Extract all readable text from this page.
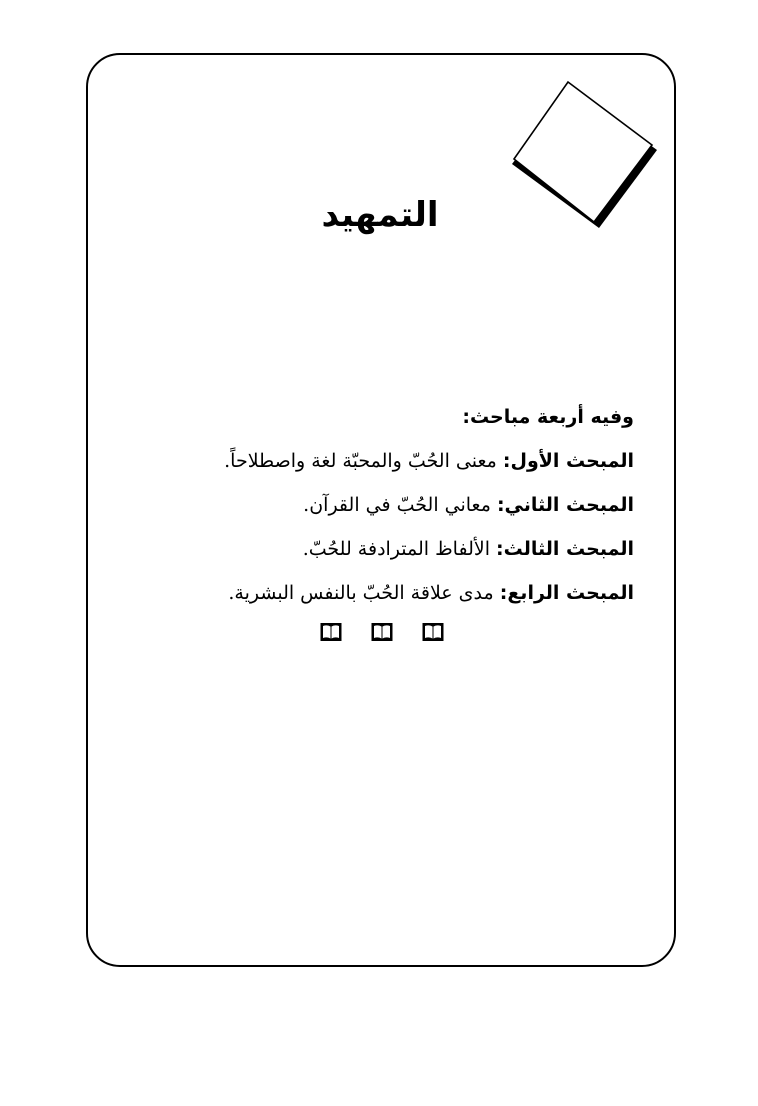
التمهيد
وفيه أربعة مباحث:
المبحث الأول: معنى الحُبّ والمحبّة لغة واصطلاحاً.
المبحث الثاني: معاني الحُبّ في القرآن.
المبحث الثالث: الألفاظ المترادفة للحُبّ.
المبحث الرابع: مدى علاقة الحُبّ بالنفس البشرية.
